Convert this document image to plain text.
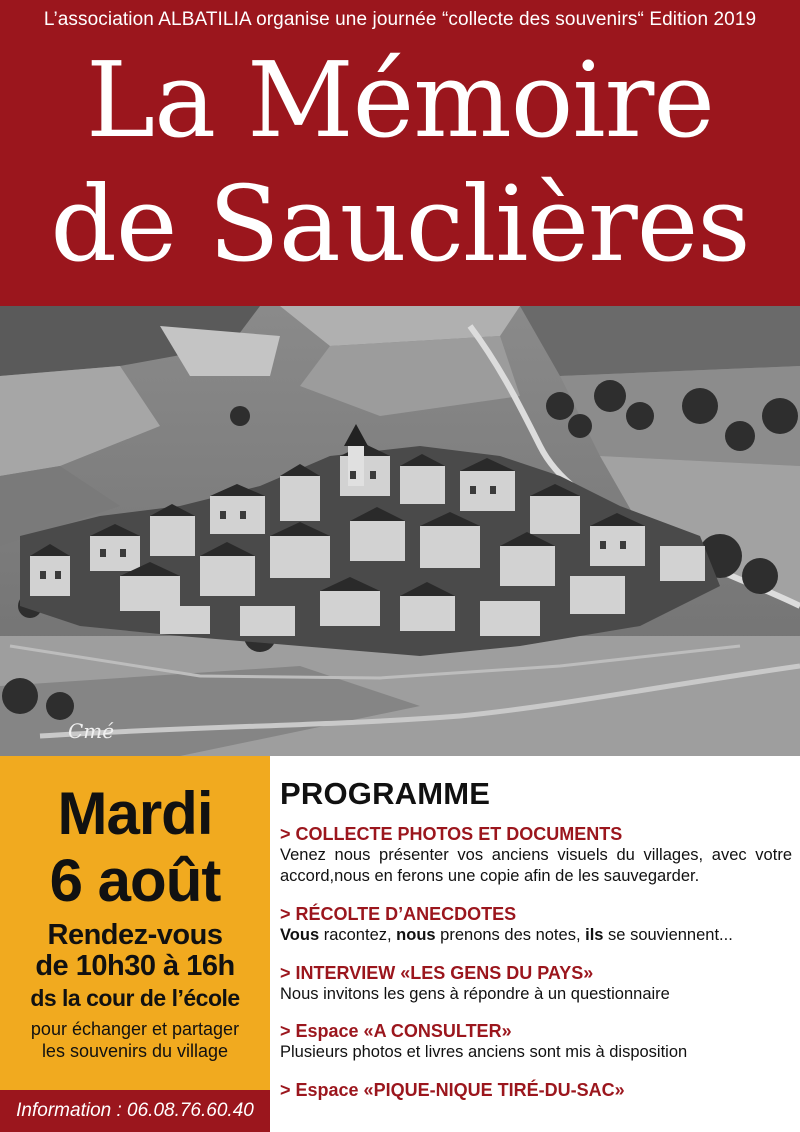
L’association ALBATILIA organise une journée “collecte des souvenirs“ Edition 2019
La Mémoire
de Sauclières
Cmé
Mardi
6 août
Rendez-vous
de 10h30 à 16h
ds la cour de l’école
pour échanger et partager
les souvenirs du village
Information : 06.08.76.60.40
PROGRAMME
> COLLECTE PHOTOS ET DOCUMENTS
Venez nous présenter vos anciens visuels du villages, avec votre accord,nous en ferons une copie afin de les sauvegarder.
> RÉCOLTE D’ANECDOTES
Vous racontez, nous prenons des notes, ils se souviennent...
> INTERVIEW «LES GENS DU PAYS»
Nous invitons les gens à répondre à un questionnaire
> Espace «A CONSULTER»
Plusieurs photos et livres anciens sont mis à disposition
> Espace «PIQUE-NIQUE TIRÉ-DU-SAC»
